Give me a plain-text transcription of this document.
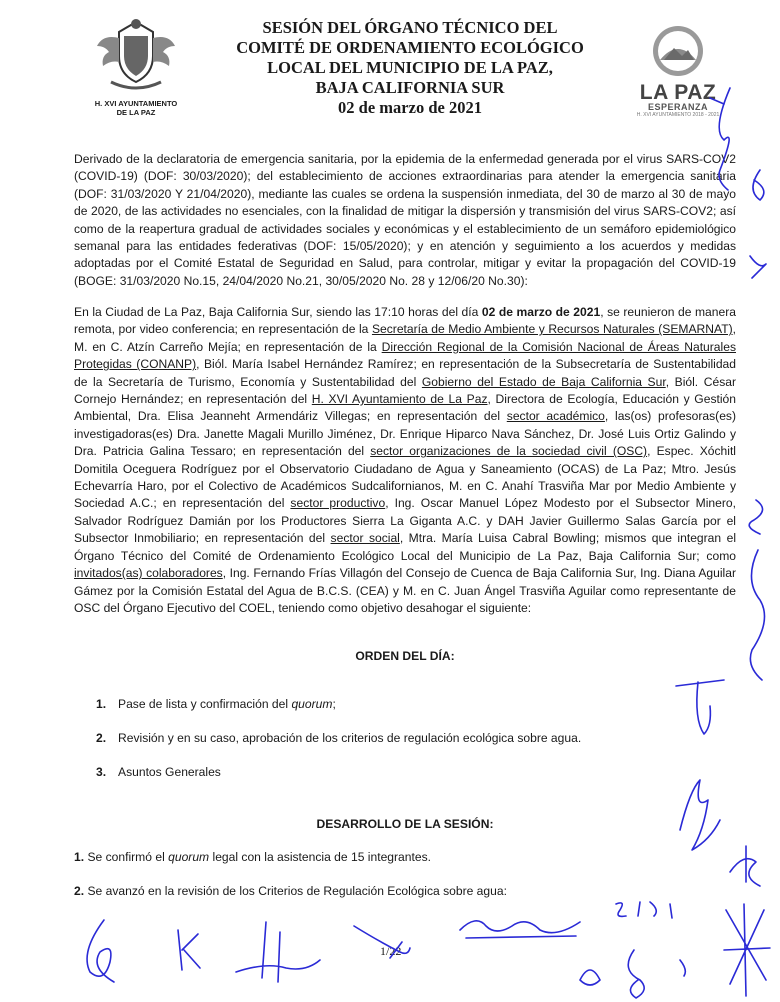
H. XVI AYUNTAMIENTO
DE LA PAZ
SESIÓN DEL ÓRGANO TÉCNICO DEL
COMITÉ DE ORDENAMIENTO ECOLÓGICO
LOCAL DEL MUNICIPIO DE LA PAZ,
BAJA CALIFORNIA SUR
02 de marzo de 2021
LA PAZ
ESPERANZA
H. XVI AYUNTAMIENTO 2018 - 2021
Derivado de la declaratoria de emergencia sanitaria, por la epidemia de la enfermedad generada por el virus SARS-COV2 (COVID-19) (DOF: 30/03/2020); del establecimiento de acciones extraordinarias para atender la emergencia sanitaria (DOF: 31/03/2020 Y 21/04/2020), mediante las cuales se ordena la suspensión inmediata, del 30 de marzo al 30 de mayo de 2020, de las actividades no esenciales, con la finalidad de mitigar la dispersión y transmisión del virus SARS-COV2; así como de la reapertura gradual de actividades sociales y económicas y el establecimiento de un semáforo epidemiológico semanal para las entidades federativas (DOF: 15/05/2020); y en atención y seguimiento a los acuerdos y medidas adoptadas por el Comité Estatal de Seguridad en Salud, para controlar, mitigar y evitar la propagación del COVID-19 (BOGE: 31/03/2020 No.15, 24/04/2020 No.21, 30/05/2020 No. 28 y 12/06/20 No.30):
En la Ciudad de La Paz, Baja California Sur, siendo las 17:10 horas del día 02 de marzo de 2021, se reunieron de manera remota, por video conferencia; en representación de la Secretaría de Medio Ambiente y Recursos Naturales (SEMARNAT), M. en C. Atzín Carreño Mejía; en representación de la Dirección Regional de la Comisión Nacional de Áreas Naturales Protegidas (CONANP), Biól. María Isabel Hernández Ramírez; en representación de la Subsecretaría de Sustentabilidad de la Secretaría de Turismo, Economía y Sustentabilidad del Gobierno del Estado de Baja California Sur, Biól. César Cornejo Hernández; en representación del H. XVI Ayuntamiento de La Paz, Directora de Ecología, Educación y Gestión Ambiental, Dra. Elisa Jeanneht Armendáriz Villegas; en representación del sector académico, las(os) profesoras(es) investigadoras(es) Dra. Janette Magali Murillo Jiménez, Dr. Enrique Hiparco Nava Sánchez, Dr. José Luis Ortiz Galindo y Dra. Patricia Galina Tessaro; en representación del sector organizaciones de la sociedad civil (OSC), Espec. Xóchitl Domitila Oceguera Rodríguez por el Observatorio Ciudadano de Agua y Saneamiento (OCAS) de La Paz; Mtro. Jesús Echevarría Haro, por el Colectivo de Académicos Sudcalifornianos, M. en C. Anahí Trasviña Mar por Medio Ambiente y Sociedad A.C.; en representación del sector productivo, Ing. Oscar Manuel López Modesto por el Subsector Minero, Salvador Rodríguez Damián por los Productores Sierra La Giganta A.C. y DAH Javier Guillermo Salas García por el Subsector Inmobiliario; en representación del sector social, Mtra. María Luisa Cabral Bowling; mismos que integran el Órgano Técnico del Comité de Ordenamiento Ecológico Local del Municipio de La Paz, Baja California Sur; como invitados(as) colaboradores, Ing. Fernando Frías Villagón del Consejo de Cuenca de Baja California Sur, Ing. Diana Aguilar Gámez por la Comisión Estatal del Agua de B.C.S. (CEA) y M. en C. Juan Ángel Trasviña Aguilar como representante de OSC del Órgano Ejecutivo del COEL, teniendo como objetivo desahogar el siguiente:
ORDEN DEL DÍA:
1. Pase de lista y confirmación del quorum;
2. Revisión y en su caso, aprobación de los criterios de regulación ecológica sobre agua.
3. Asuntos Generales
DESARROLLO DE LA SESIÓN:
1. Se confirmó el quorum legal con la asistencia de 15 integrantes.
2. Se avanzó en la revisión de los Criterios de Regulación Ecológica sobre agua:
1/22
